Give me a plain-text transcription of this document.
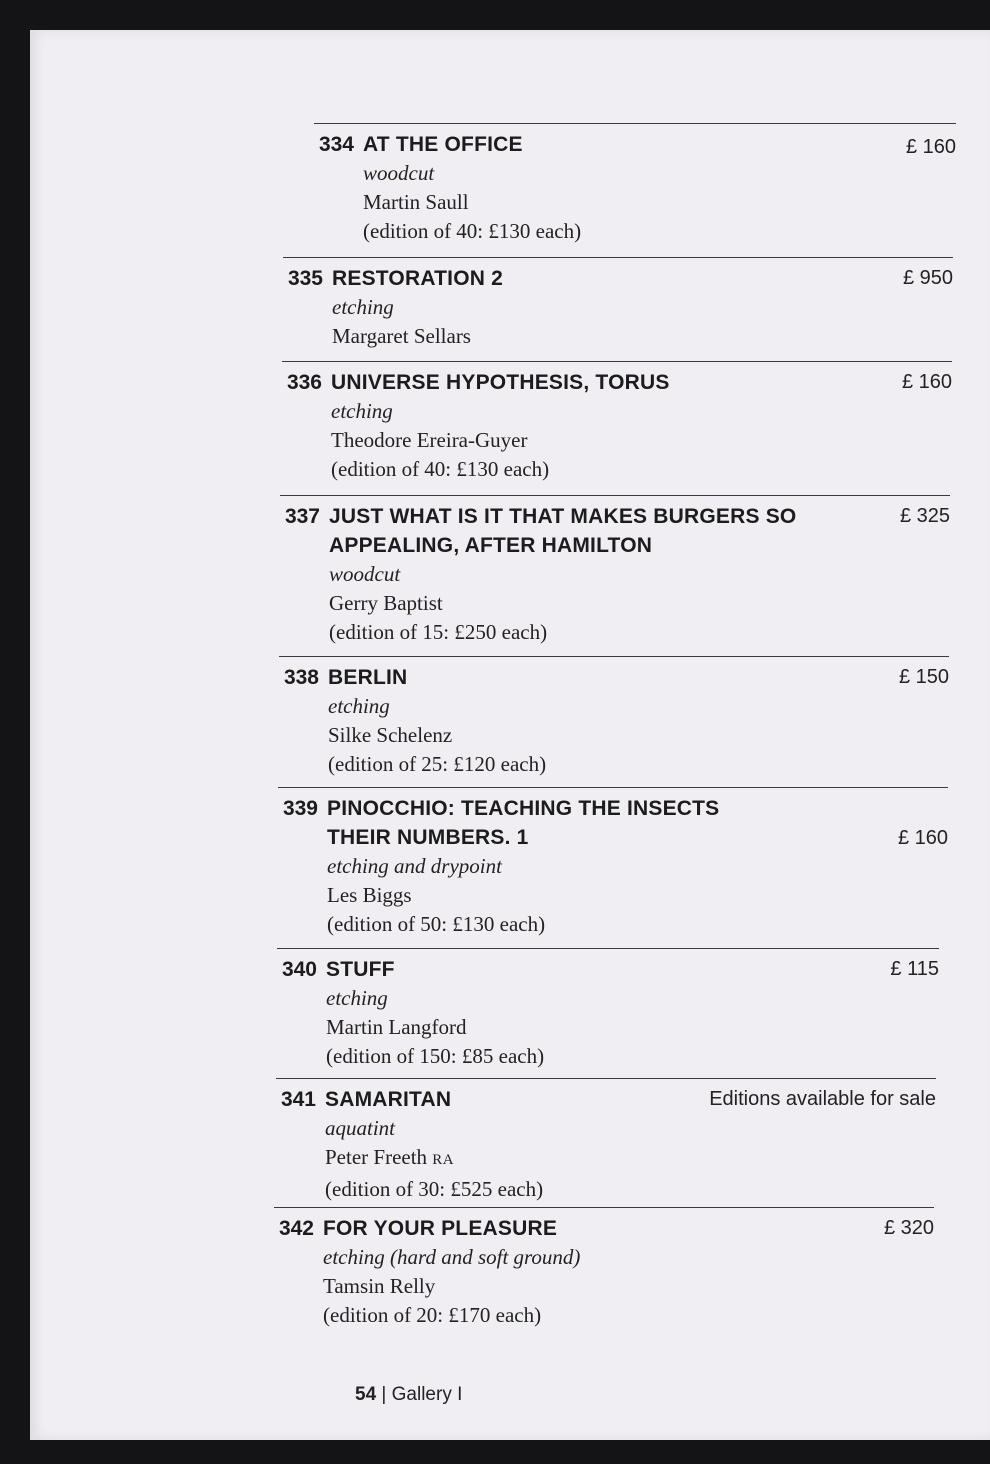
334 AT THE OFFICE
woodcut
Martin Saull
(edition of 40: £130 each)
£ 160
335 RESTORATION 2
etching
Margaret Sellars
£ 950
336 UNIVERSE HYPOTHESIS, TORUS
etching
Theodore Ereira-Guyer
(edition of 40: £130 each)
£ 160
337 JUST WHAT IS IT THAT MAKES BURGERS SO APPEALING, AFTER HAMILTON
woodcut
Gerry Baptist
(edition of 15: £250 each)
£ 325
338 BERLIN
etching
Silke Schelenz
(edition of 25: £120 each)
£ 150
339 PINOCCHIO: TEACHING THE INSECTS THEIR NUMBERS. 1
etching and drypoint
Les Biggs
(edition of 50: £130 each)
£ 160
340 STUFF
etching
Martin Langford
(edition of 150: £85 each)
£ 115
341 SAMARITAN
aquatint
Peter Freeth RA
(edition of 30: £525 each)
Editions available for sale
342 FOR YOUR PLEASURE
etching (hard and soft ground)
Tamsin Relly
(edition of 20: £170 each)
£ 320
54 | Gallery I
